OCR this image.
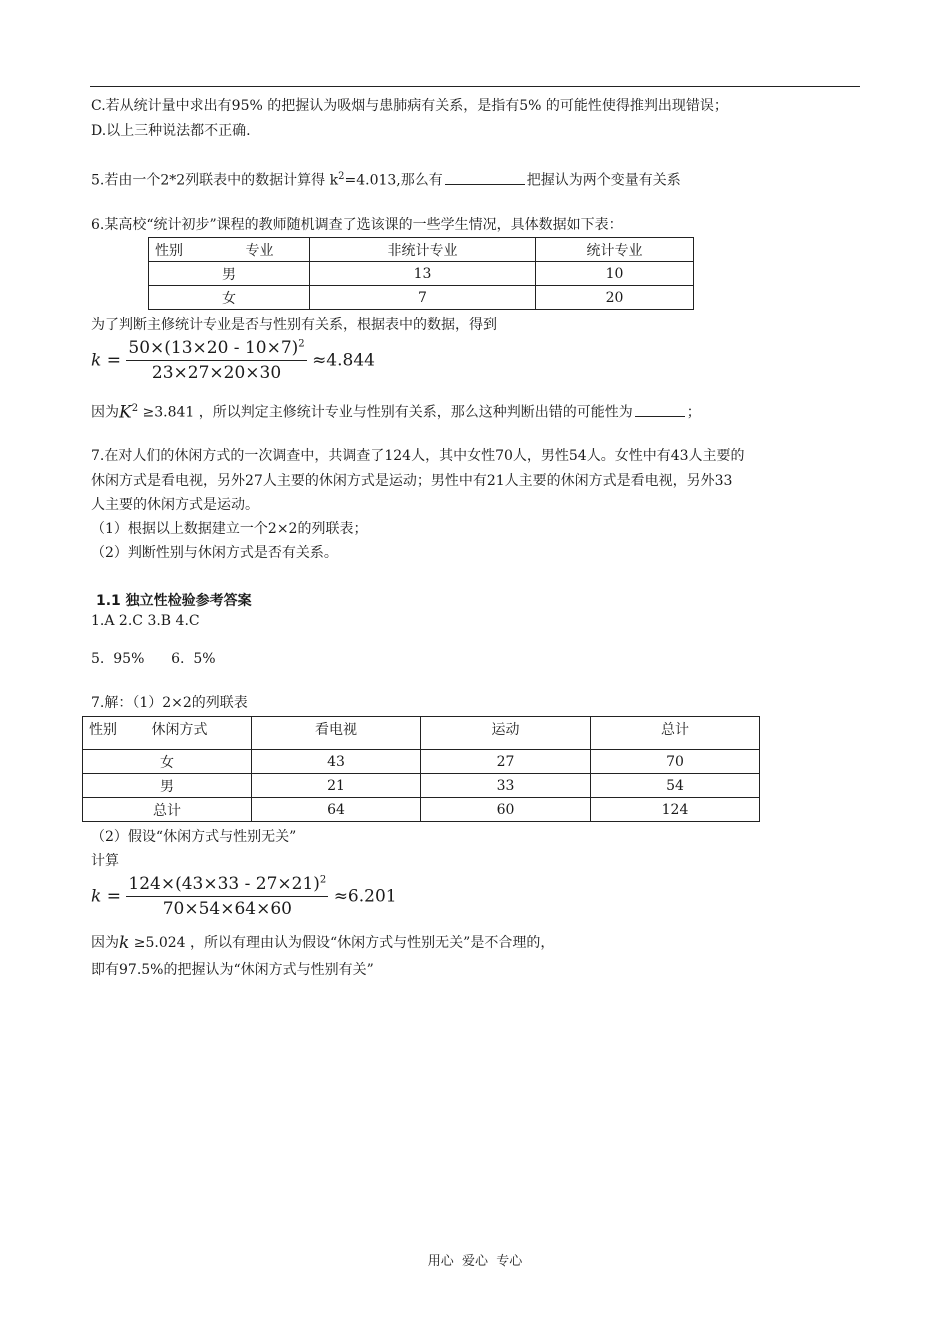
C.若从统计量中求出有95% 的把握认为吸烟与患肺病有关系，是指有5% 的可能性使得推判出现错误；
D.以上三种说法都不正确.
5.若由一个2*2列联表中的数据计算得 $k^2=4.013$,那么有	把握认为两个变量有关系
6.某高校“统计初步”课程的教师随机调查了选该课的一些学生情况，具体数据如下表：
性别 专业	非统计专业	统计专业
男	13	10
女	7	20
为了判断主修统计专业是否与性别有关系，根据表中的数据，得到
$k = \frac{50\times(13\times 20 - 10\times 7)^2}{23\times 27\times 20\times 30} \approx 4.844$
因为$K^2 \ge 3.841$ ，所以判定主修统计专业与性别有关系，那么这种判断出错的可能性为	；
7.在对人们的休闲方式的一次调查中，共调查了124人，其中女性70人，男性54人。女性中有43人主要的
休闲方式是看电视，另外27人主要的休闲方式是运动；男性中有21人主要的休闲方式是看电视，另外33
人主要的休闲方式是运动。
（1）根据以上数据建立一个2×2的列联表；
（2）判断性别与休闲方式是否有关系。
1.1 独立性检验参考答案
1.A 2.C 3.B 4.C
5.  95%      6.  5%
7.解：（1）2×2的列联表
性别 休闲方式	看电视	运动	总计
女	43	27	70
男	21	33	54
总计	64	60	124
（2）假设“休闲方式与性别无关”
计算
$k = \frac{124\times(43\times 33 - 27\times 21)^2}{70\times 54\times 64\times 60} \approx 6.201$
因为k ≥5.024 ，所以有理由认为假设“休闲方式与性别无关”是不合理的，
即有97.5%的把握认为“休闲方式与性别有关”
用心  爱心  专心
